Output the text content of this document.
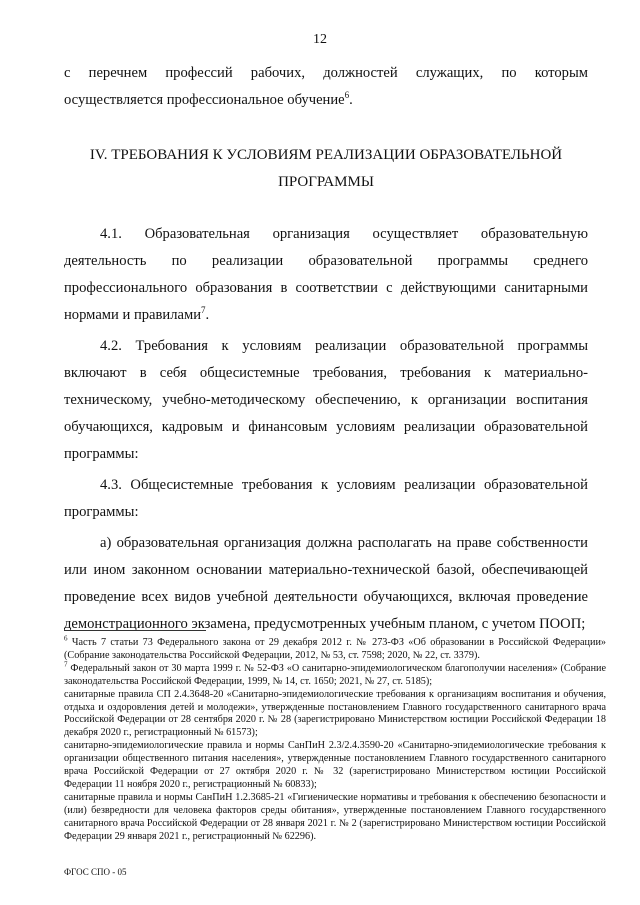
12

с перечнем профессий рабочих, должностей служащих, по которым осуществляется профессиональное обучение$^6$.

IV. ТРЕБОВАНИЯ К УСЛОВИЯМ РЕАЛИЗАЦИИ ОБРАЗОВАТЕЛЬНОЙ

ПРОГРАММЫ

4.1. Образовательная организация осуществляет образовательную деятельность по реализации образовательной программы среднего профессионального образования в соответствии с действующими санитарными нормами и правилами$^7$.

4.2. Требования к условиям реализации образовательной программы включают в себя общесистемные требования, требования к материально-техническому, учебно-методическому обеспечению, к организации воспитания обучающихся, кадровым и финансовым условиям реализации образовательной программы:

4.3. Общесистемные требования к условиям реализации образовательной программы:

а) образовательная организация должна располагать на праве собственности или ином законном основании материально-технической базой, обеспечивающей проведение всех видов учебной деятельности обучающихся, включая проведение демонстрационного экзамена, предусмотренных учебным планом, с учетом ПООП;

$^6$ Часть 7 статьи 73 Федерального закона от 29 декабря 2012 г. № 273-ФЗ «Об образовании в Российской Федерации» (Собрание законодательства Российской Федерации, 2012, № 53, ст. 7598; 2020, № 22, ст. 3379).

$^7$ Федеральный закон от 30 марта 1999 г. № 52-ФЗ «О санитарно-эпидемиологическом благополучии населения» (Собрание законодательства Российской Федерации, 1999, № 14, ст. 1650; 2021, № 27, ст. 5185);

санитарные правила СП 2.4.3648-20 «Санитарно-эпидемиологические требования к организациям воспитания и обучения, отдыха и оздоровления детей и молодежи», утвержденные постановлением Главного государственного санитарного врача Российской Федерации от 28 сентября 2020 г. № 28 (зарегистрировано Министерством юстиции Российской Федерации 18 декабря 2020 г., регистрационный № 61573);

санитарно-эпидемиологические правила и нормы СанПиН 2.3/2.4.3590-20 «Санитарно-эпидемиологические требования к организации общественного питания населения», утвержденные постановлением Главного государственного санитарного врача Российской Федерации от 27 октября 2020 г. № 32 (зарегистрировано Министерством юстиции Российской Федерации 11 ноября 2020 г., регистрационный № 60833);

санитарные правила и нормы СанПиН 1.2.3685-21 «Гигиенические нормативы и требования к обеспечению безопасности и (или) безвредности для человека факторов среды обитания», утвержденные постановлением Главного государственного санитарного врача Российской Федерации от 28 января 2021 г. № 2 (зарегистрировано Министерством юстиции Российской Федерации 29 января 2021 г., регистрационный № 62296).

ФГОС СПО - 05
